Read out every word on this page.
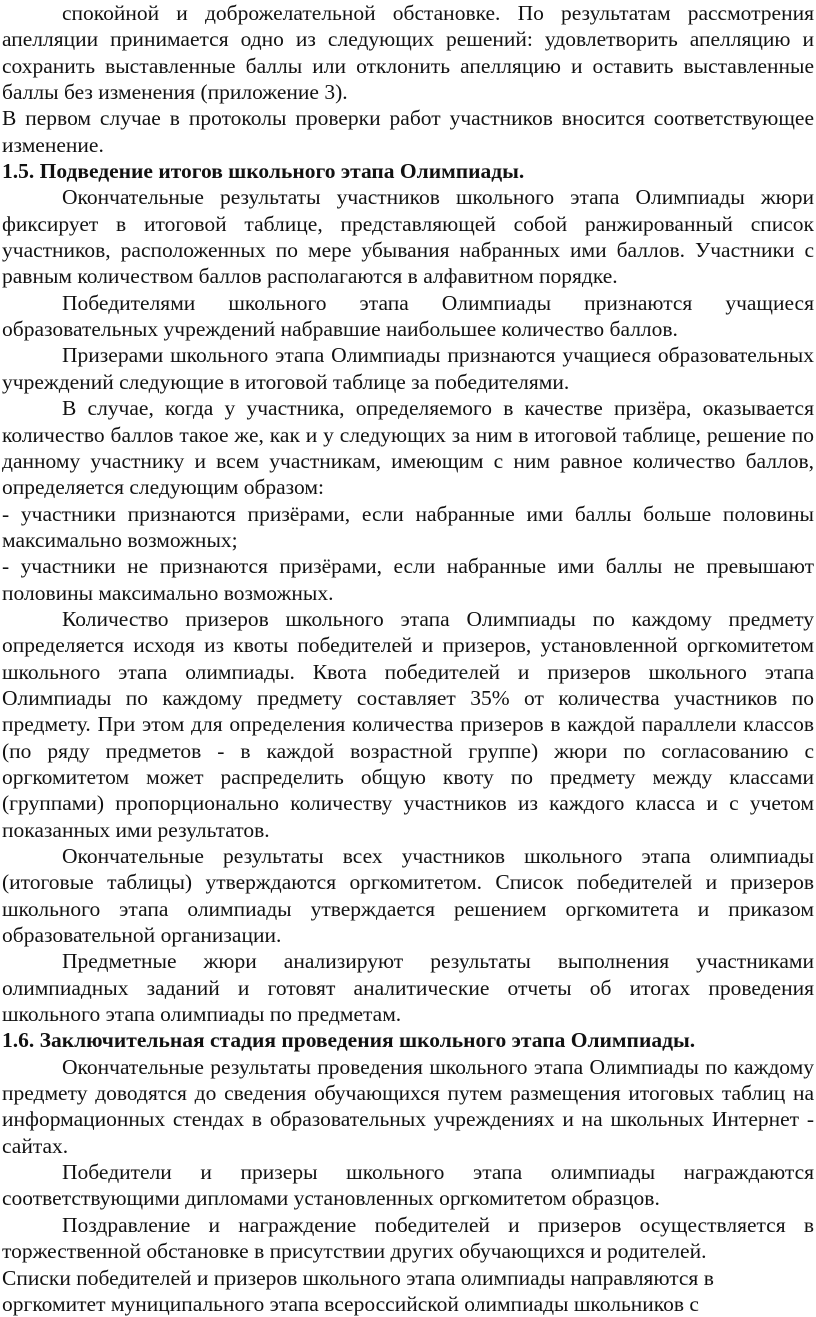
спокойной и доброжелательной обстановке. По результатам рассмотрения апелляции принимается одно из следующих решений: удовлетворить апелляцию и сохранить выставленные баллы или отклонить апелляцию и оставить выставленные баллы без изменения (приложение 3).

В первом случае в протоколы проверки работ участников вносится соответствующее изменение.

1.5. Подведение итогов школьного этапа Олимпиады.

Окончательные результаты участников школьного этапа Олимпиады жюри фиксирует в итоговой таблице, представляющей собой ранжированный список участников, расположенных по мере убывания набранных ими баллов. Участники с равным количеством баллов располагаются в алфавитном порядке.

Победителями школьного этапа Олимпиады признаются учащиеся образовательных учреждений набравшие наибольшее количество баллов.

Призерами школьного этапа Олимпиады признаются учащиеся образовательных учреждений следующие в итоговой таблице за победителями.

В случае, когда у участника, определяемого в качестве призёра, оказывается количество баллов такое же, как и у следующих за ним в итоговой таблице, решение по данному участнику и всем участникам, имеющим с ним равное количество баллов, определяется следующим образом:

- участники признаются призёрами, если набранные ими баллы больше половины максимально возможных;

- участники не признаются призёрами, если набранные ими баллы не превышают половины максимально возможных.

Количество призеров школьного этапа Олимпиады по каждому предмету определяется исходя из квоты победителей и призеров, установленной оргкомитетом школьного этапа олимпиады. Квота победителей и призеров школьного этапа Олимпиады по каждому предмету составляет 35% от количества участников по предмету. При этом для определения количества призеров в каждой параллели классов (по ряду предметов - в каждой возрастной группе) жюри по согласованию с оргкомитетом может распределить общую квоту по предмету между классами (группами) пропорционально количеству участников из каждого класса и с учетом показанных ими результатов.

Окончательные результаты всех участников школьного этапа олимпиады (итоговые таблицы) утверждаются оргкомитетом. Список победителей и призеров школьного этапа олимпиады утверждается решением оргкомитета и приказом образовательной организации.

Предметные жюри анализируют результаты выполнения участниками олимпиадных заданий и готовят аналитические отчеты об итогах проведения школьного этапа олимпиады по предметам.

1.6. Заключительная стадия проведения школьного этапа Олимпиады.

Окончательные результаты проведения школьного этапа Олимпиады по каждому предмету доводятся до сведения обучающихся путем размещения итоговых таблиц на информационных стендах в образовательных учреждениях и на школьных Интернет - сайтах.

Победители и призеры школьного этапа олимпиады награждаются соответствующими дипломами установленных оргкомитетом образцов.

Поздравление и награждение победителей и призеров осуществляется в торжественной обстановке в присутствии других обучающихся и родителей.

Списки победителей и призеров школьного этапа олимпиады направляются в оргкомитет муниципального этапа всероссийской олимпиады школьников с
